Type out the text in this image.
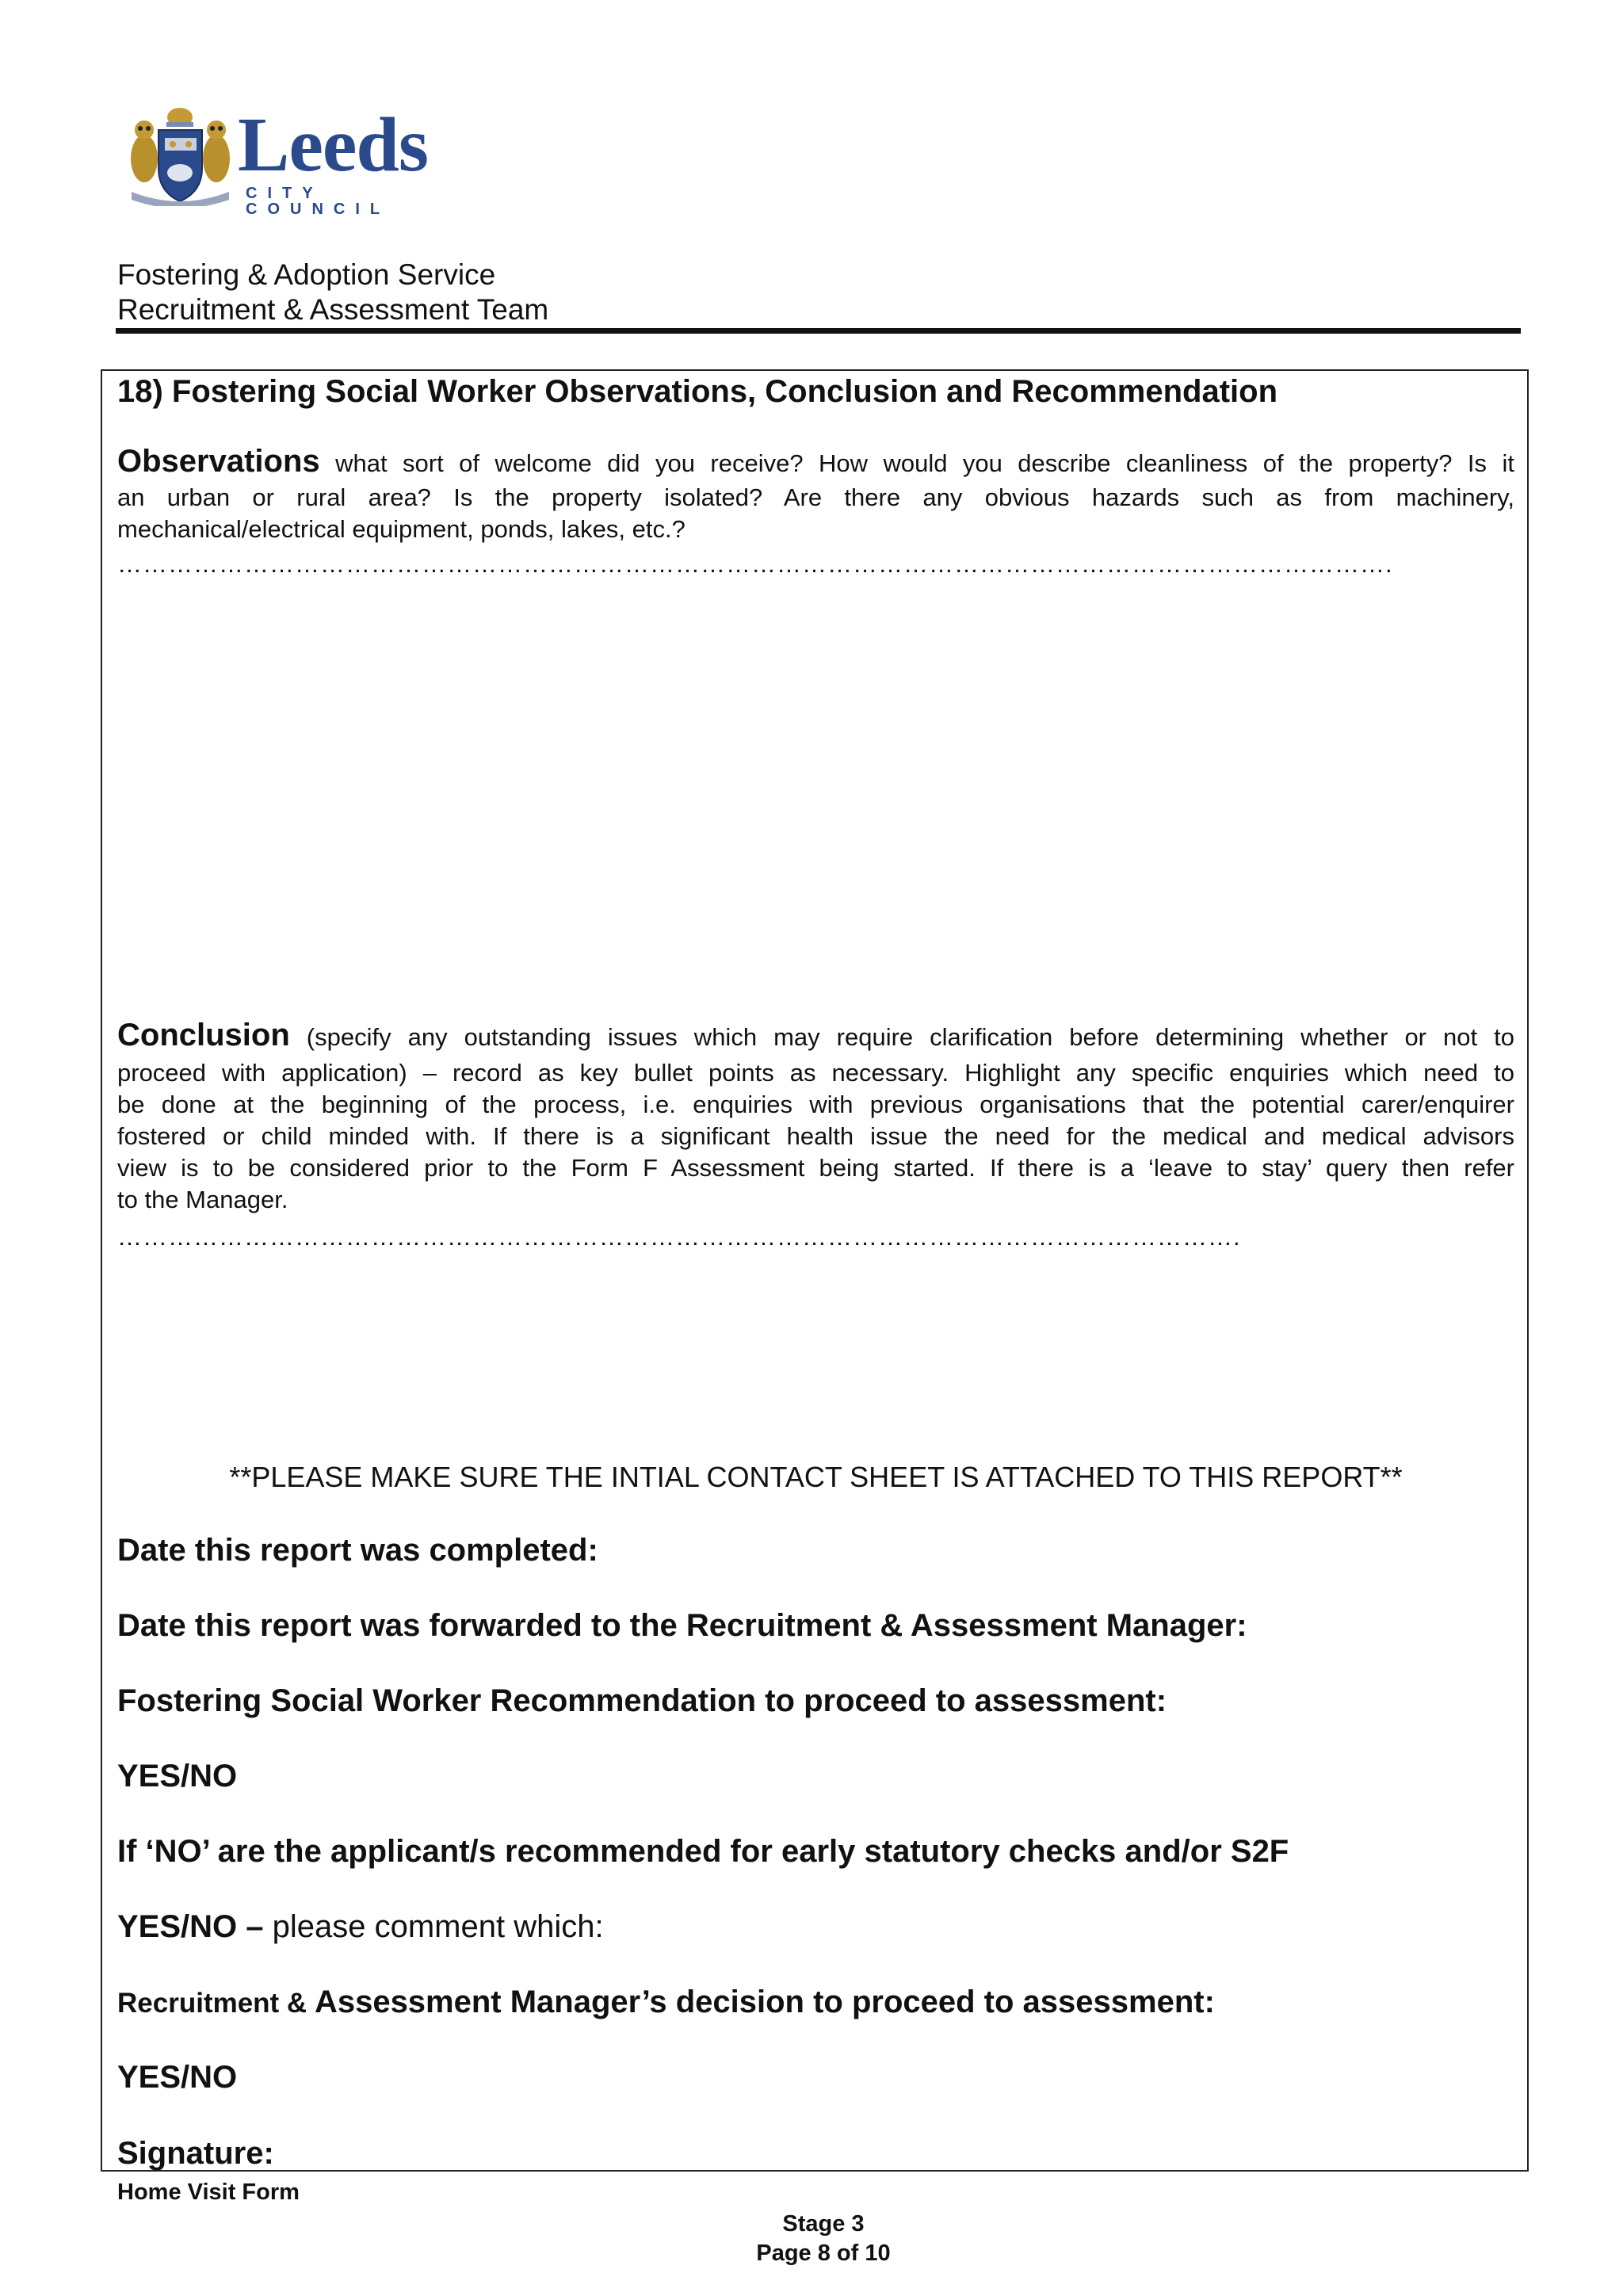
Leeds
CITY COUNCIL
Fostering & Adoption Service
Recruitment & Assessment Team
18) Fostering Social Worker Observations, Conclusion and Recommendation
Observations what sort of welcome did you receive? How would you describe cleanliness of the property? Is it
an urban or rural area? Is the property isolated? Are there any obvious hazards such as from machinery,
mechanical/electrical equipment, ponds, lakes, etc.?
…………………………………………………………………………………………………………………………………….
Conclusion (specify any outstanding issues which may require clarification before determining whether or not to
proceed with application) – record as key bullet points as necessary. Highlight any specific enquiries which need to
be done at the beginning of the process, i.e. enquiries with previous organisations that the potential carer/enquirer
fostered or child minded with. If there is a significant health issue the need for the medical and medical advisors
view is to be considered prior to the Form F Assessment being started. If there is a ‘leave to stay’ query then refer
to the Manager.
…………………………………………………………………………………………………………………….
**PLEASE MAKE SURE THE INTIAL CONTACT SHEET IS ATTACHED TO THIS REPORT**
Date this report was completed:
Date this report was forwarded to the Recruitment & Assessment Manager:
Fostering Social Worker Recommendation to proceed to assessment:
YES/NO
If ‘NO’ are the applicant/s recommended for early statutory checks and/or S2F
YES/NO – please comment which:
Recruitment & Assessment Manager’s decision to proceed to assessment:
YES/NO
Signature:
Home Visit Form
Stage 3
Page 8 of 10
